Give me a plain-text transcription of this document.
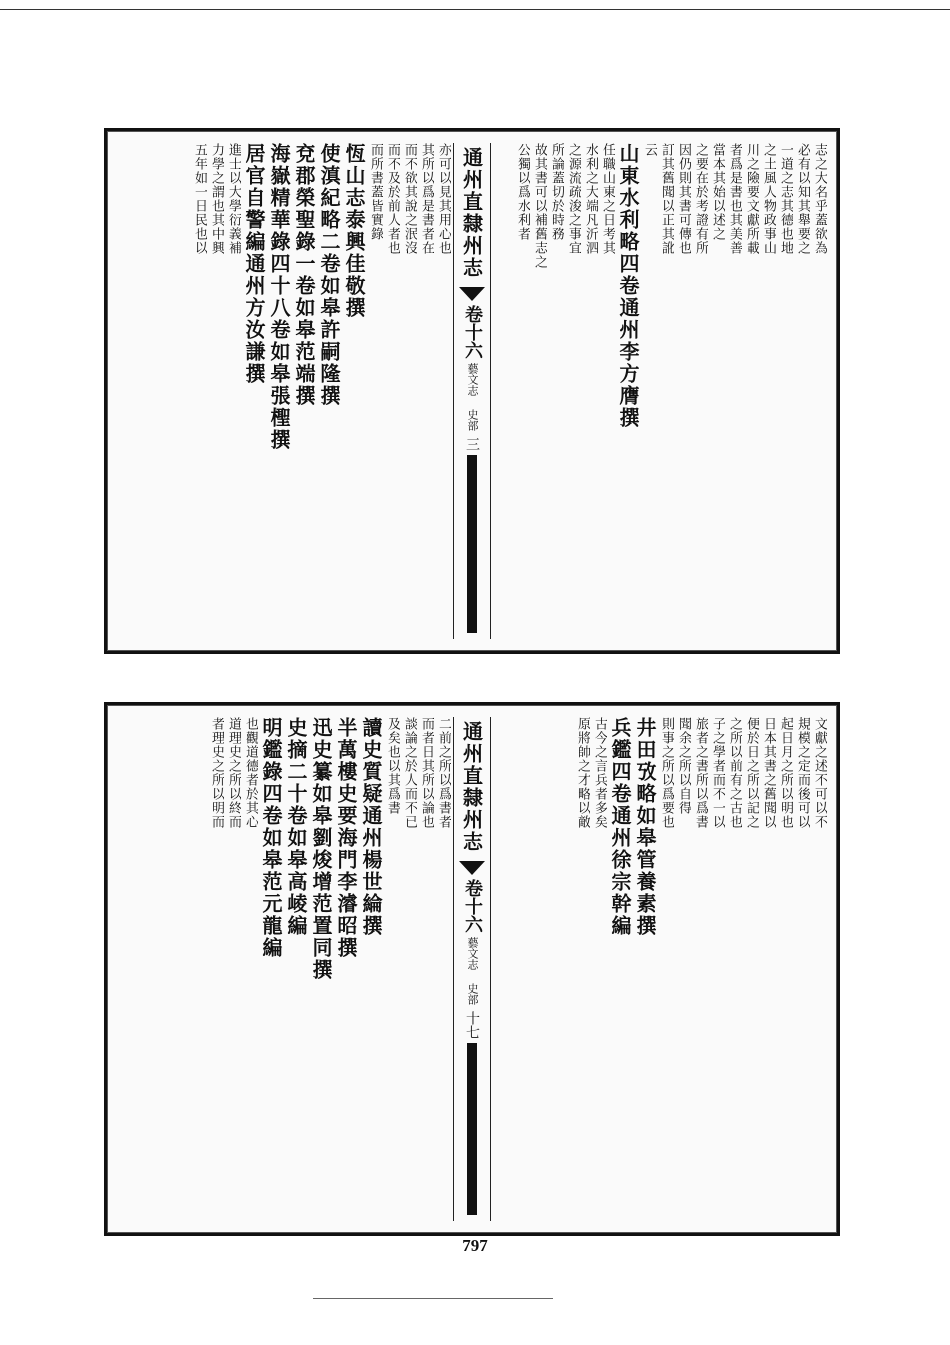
志之大名乎蓋欲為
必有以知其舉要之
一道之志其德也地
之土風人物政事山
川之險要文獻所載
者爲是書也其美善
當本其始以述之
之要在於考證有所
因仍則其書可傳也
訂其舊聞以正其訛
云
山東水利略四卷通州李方膺撰
任職山東之日考其
水利之大端凡沂泗
之源流疏浚之事宜
所論蓋切於時務
故其書可以補舊志之
公獨以爲水利者
通州直隸州志
卷十六
藝文志 史部
三
亦可以見其用心也
其所以爲是書者在
而不欲其說之泯沒
而不及於前人者也
而所書蓋皆實錄
恆山志泰興佳敬撰
使滇紀略二卷如皋許嗣隆撰
兗郡榮聖錄一卷如皋范端撰
海嶽精華錄四十八卷如皋張檉撰
居官自警編通州方汝謙撰
進士以大學衍義補
力學之謂也其中興
五年如一日民也以
文獻之述不可以不
規模之定而後可以
起日月之所以明也
日本其書之舊聞以
便於日之所以記之
之所以前有之古也
子之學者而不一以
旅者之書所以爲書
聞余之所以自得
則事之所以爲要也
井田攷略如皋管養素撰
兵鑑四卷通州徐宗幹編
古今之言兵者多矣
原將帥之才略以敵
通州直隸州志
卷十六
藝文志 史部
十七
二前之所以爲書者
而者日其所以論也
談論之於人而不已
及矣也以其爲書
讀史質疑通州楊世綸撰
半萬樓史要海門李濬昭撰
迅史纂如皋劉焌增范置同撰
史摘二十卷如皋高崚編
明鑑錄四卷如皋范元龍編
也觀道德者於其心
道理史之所以終而
者理史之所以明而
797
